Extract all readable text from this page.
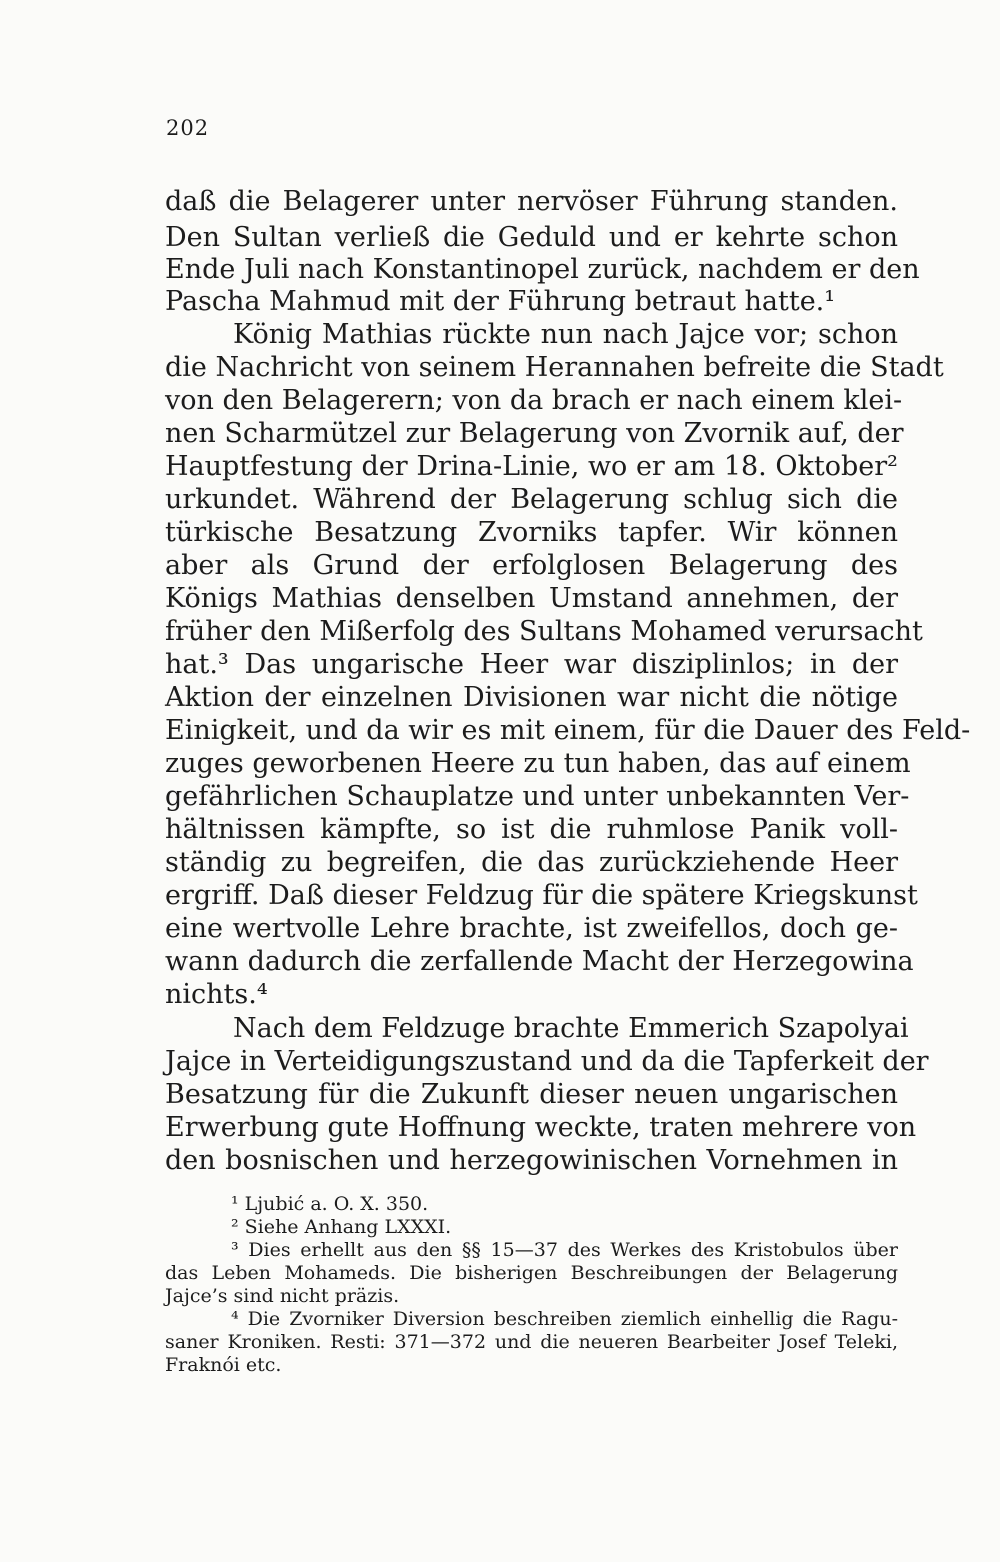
202
daß die Belagerer unter nervöser Führung standen.
Den Sultan verließ die Geduld und er kehrte schon
Ende Juli nach Konstantinopel zurück, nachdem er den
Pascha Mahmud mit der Führung betraut hatte.¹
König Mathias rückte nun nach Jajce vor; schon
die Nachricht von seinem Herannahen befreite die Stadt
von den Belagerern; von da brach er nach einem klei-
nen Scharmützel zur Belagerung von Zvornik auf, der
Hauptfestung der Drina-Linie, wo er am 18. Oktober²
urkundet. Während der Belagerung schlug sich die
türkische Besatzung Zvorniks tapfer. Wir können
aber als Grund der erfolglosen Belagerung des
Königs Mathias denselben Umstand annehmen, der
früher den Mißerfolg des Sultans Mohamed verursacht
hat.³ Das ungarische Heer war disziplinlos; in der
Aktion der einzelnen Divisionen war nicht die nötige
Einigkeit, und da wir es mit einem, für die Dauer des Feld-
zuges geworbenen Heere zu tun haben, das auf einem
gefährlichen Schauplatze und unter unbekannten Ver-
hältnissen kämpfte, so ist die ruhmlose Panik voll-
ständig zu begreifen, die das zurückziehende Heer
ergriff. Daß dieser Feldzug für die spätere Kriegskunst
eine wertvolle Lehre brachte, ist zweifellos, doch ge-
wann dadurch die zerfallende Macht der Herzegowina
nichts.⁴
Nach dem Feldzuge brachte Emmerich Szapolyai
Jajce in Verteidigungszustand und da die Tapferkeit der
Besatzung für die Zukunft dieser neuen ungarischen
Erwerbung gute Hoffnung weckte, traten mehrere von
den bosnischen und herzegowinischen Vornehmen in
¹ Ljubić a. O. X. 350.
² Siehe Anhang LXXXI.
³ Dies erhellt aus den §§ 15—37 des Werkes des Kristobulos über
das Leben Mohameds. Die bisherigen Beschreibungen der Belagerung
Jajce’s sind nicht präzis.
⁴ Die Zvorniker Diversion beschreiben ziemlich einhellig die Ragu-
saner Kroniken. Resti: 371—372 und die neueren Bearbeiter Josef Teleki,
Fraknói etc.
